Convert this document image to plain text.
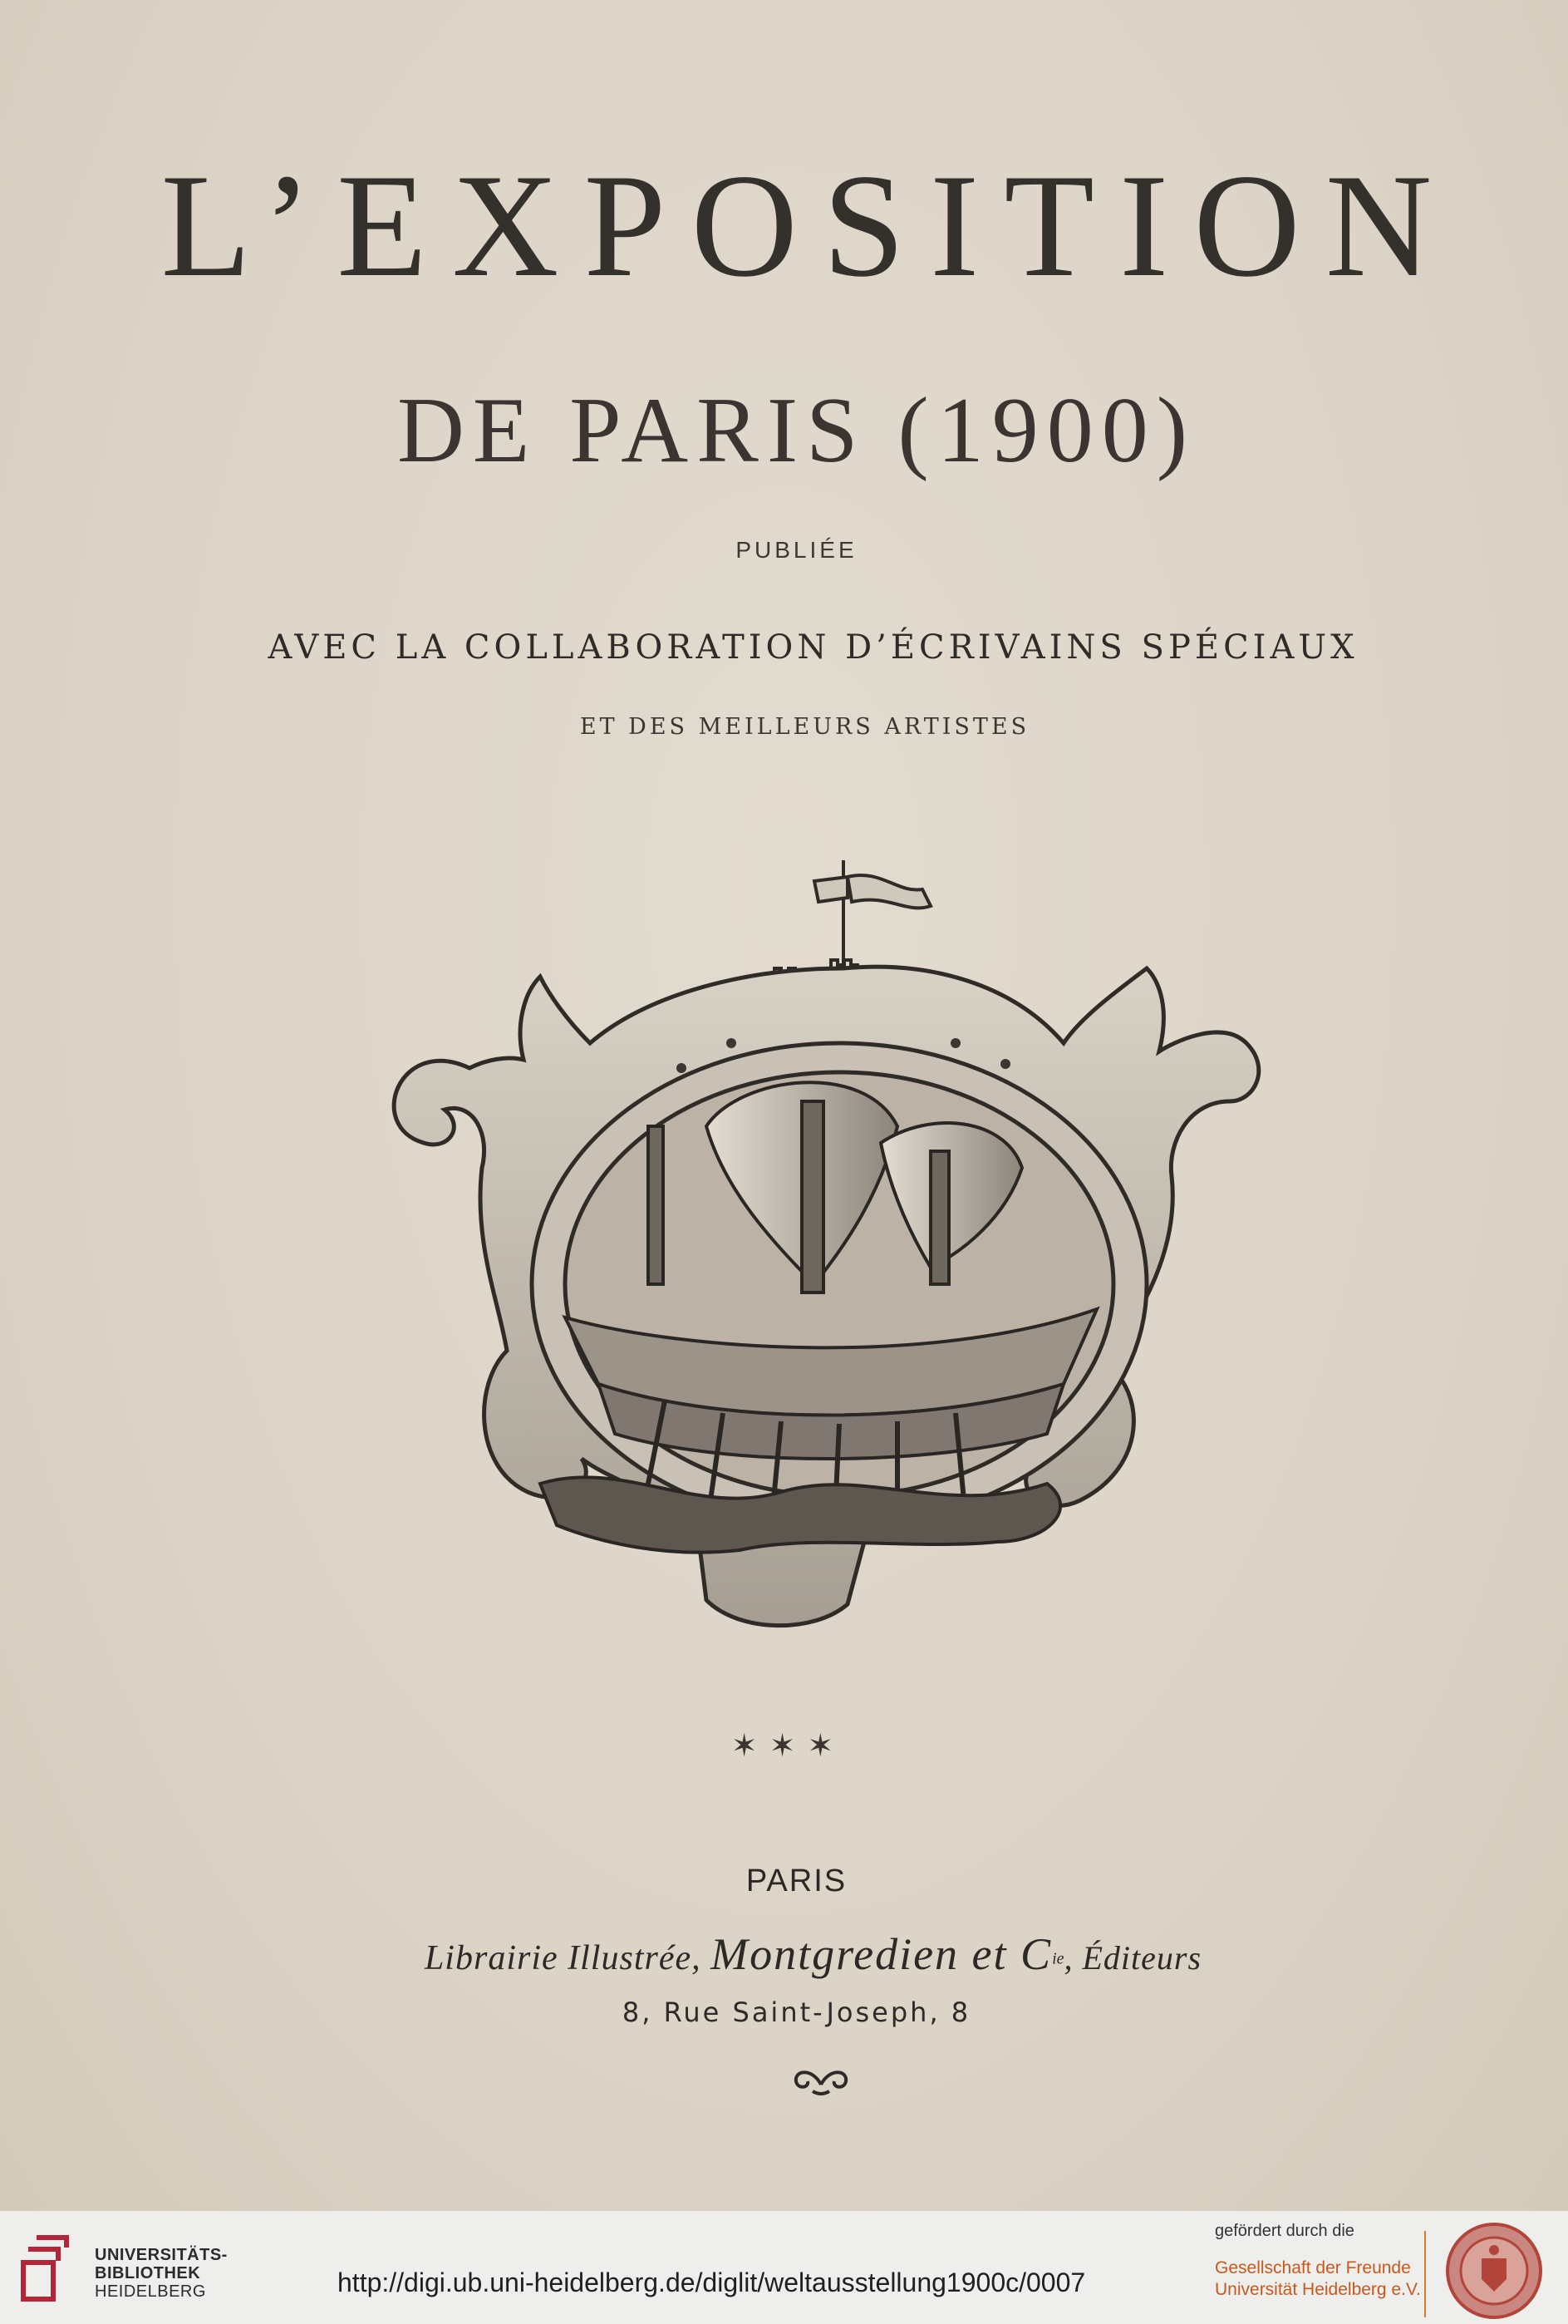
L’EXPOSITION
DE PARIS (1900)
PUBLIÉE
AVEC LA COLLABORATION D’ÉCRIVAINS SPÉCIAUX
ET DES MEILLEURS ARTISTES
✶✶✶
PARIS
Librairie Illustrée, Montgredien et $C^{ie}$, Éditeurs
8, Rue Saint-Joseph, 8
UNIVERSITÄTS-
BIBLIOTHEK
HEIDELBERG	http://digi.ub.uni-heidelberg.de/diglit/weltausstellung1900c/0007
gefördert durch die
Gesellschaft der Freunde
Universität Heidelberg e.V.
